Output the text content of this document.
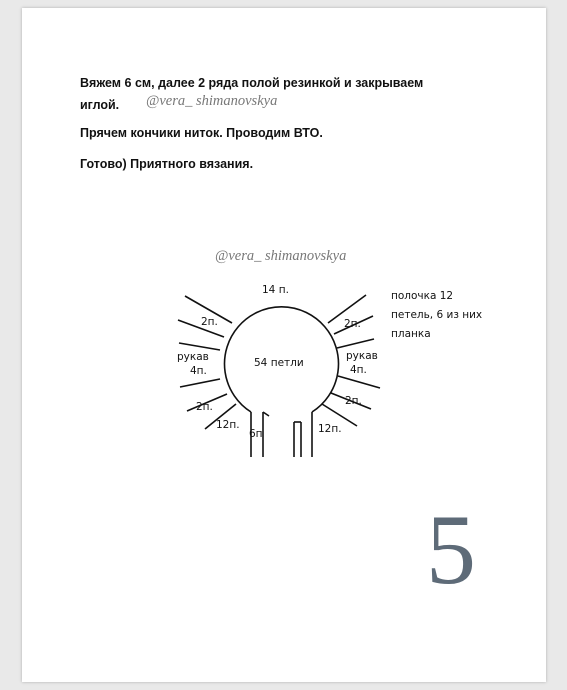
Вяжем 6 см, далее 2 ряда полой резинкой и закрываем
иглой.	@vera_ shimanovskya

Прячем кончики ниток. Проводим ВТО.

Готово) Приятного вязания.

@vera_ shimanovskya
14 п.
54 петли
2п.	2п.
рукав
4п.
рукав
4п.
2п.	2п.
12п.	12п.
6п

полочка 12
петель, 6 из них
планка

5
